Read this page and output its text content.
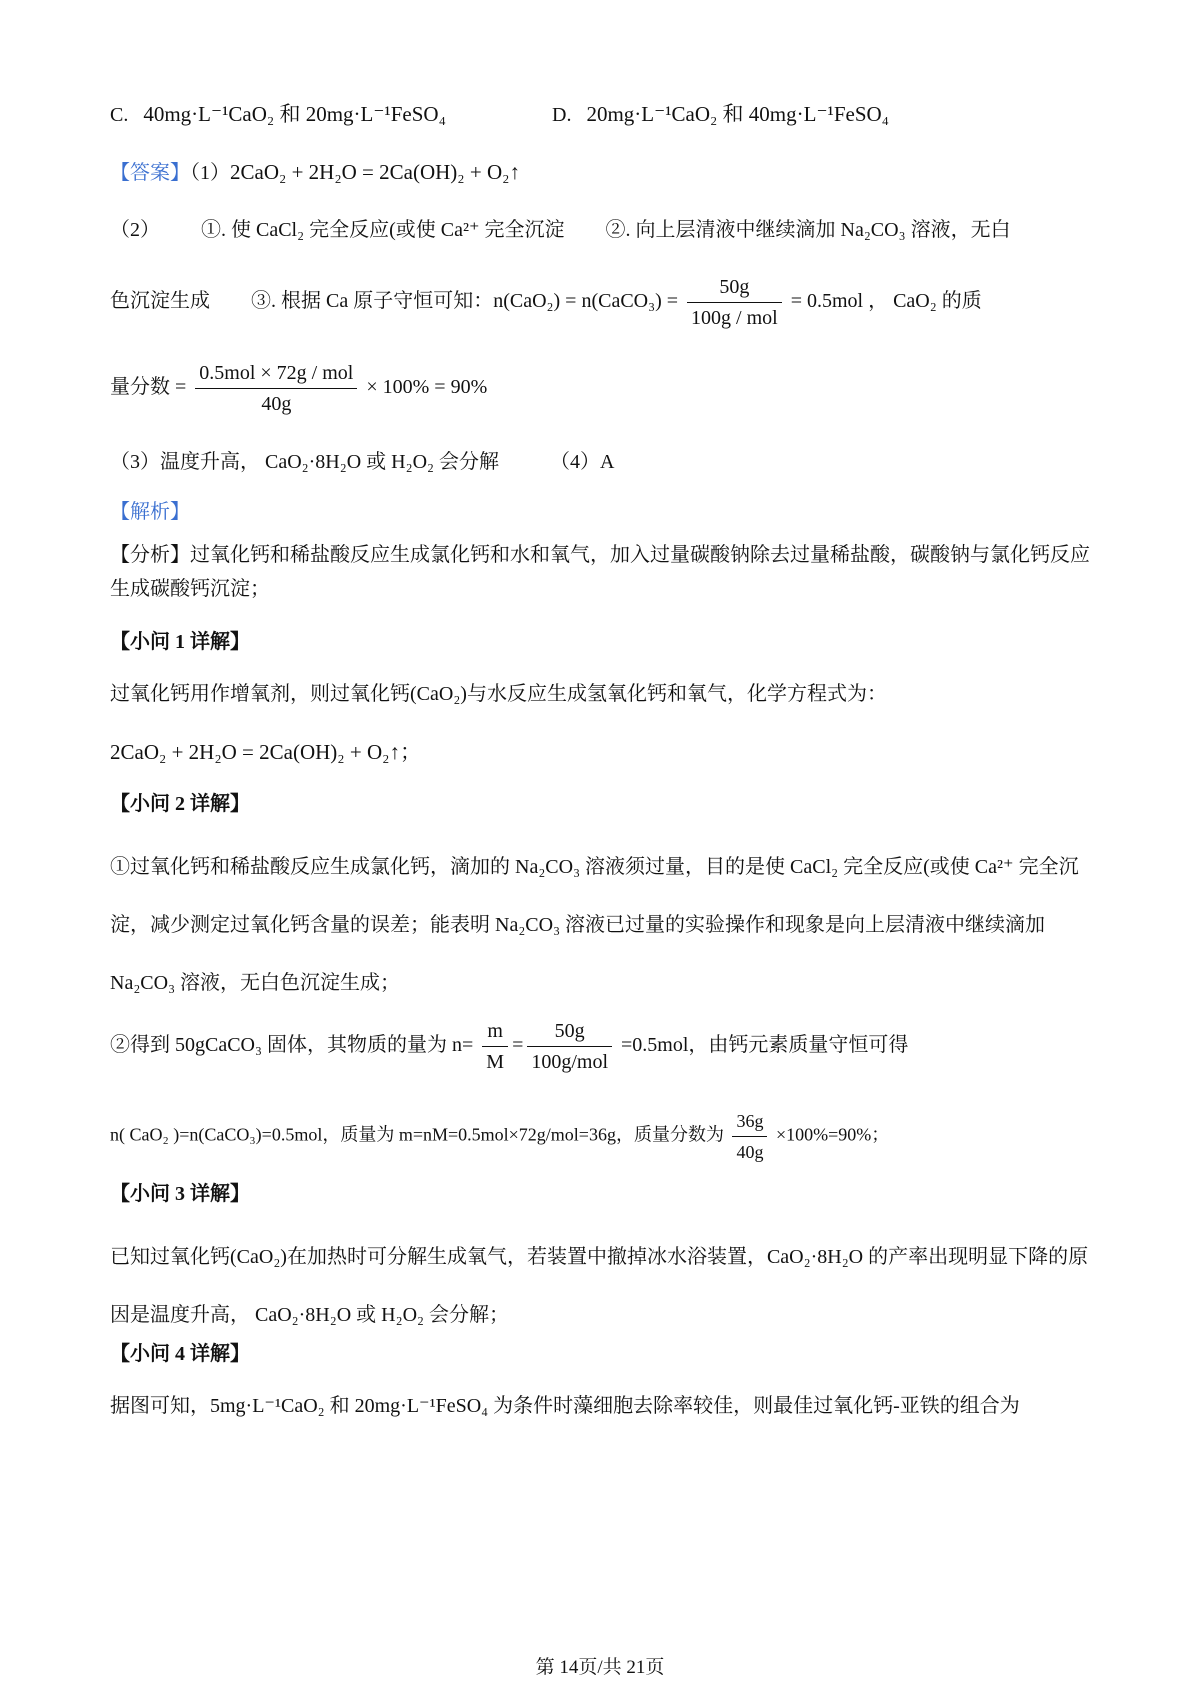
C. 40mg·L⁻¹CaO₂ 和 20mg·L⁻¹FeSO₄	D. 20mg·L⁻¹CaO₂ 和 40mg·L⁻¹FeSO₄
【答案】（1）2CaO₂ + 2H₂O = 2Ca(OH)₂ + O₂↑
（2） ①. 使 CaCl₂ 完全反应(或使 Ca²⁺ 完全沉淀 ②. 向上层清液中继续滴加 Na₂CO₃ 溶液，无白
色沉淀生成 ③. 根据 Ca 原子守恒可知：n(CaO₂) = n(CaCO₃) = $\frac{50g}{\text{100g / mol}} = 0.5mol$ ， CaO₂ 的质
量分数 = $\frac{\text{0.5mol × 72g / mol}}{40g} \times 100\% = 90\%$
（3）温度升高， CaO₂·8H₂O 或 H₂O₂ 会分解	（4）A
【解析】
【分析】过氧化钙和稀盐酸反应生成氯化钙和水和氧气，加入过量碳酸钠除去过量稀盐酸，碳酸钠与氯化钙反应生成碳酸钙沉淀；
【小问 1 详解】
过氧化钙用作增氧剂，则过氧化钙(CaO₂)与水反应生成氢氧化钙和氧气，化学方程式为：
2CaO₂ + 2H₂O = 2Ca(OH)₂ + O₂↑；
【小问 2 详解】
①过氧化钙和稀盐酸反应生成氯化钙，滴加的 Na₂CO₃ 溶液须过量，目的是使 CaCl₂ 完全反应(或使 Ca²⁺ 完全沉淀，减少测定过氧化钙含量的误差；能表明 Na₂CO₃ 溶液已过量的实验操作和现象是向上层清液中继续滴加 Na₂CO₃ 溶液，无白色沉淀生成；
②得到 50gCaCO₃ 固体，其物质的量为 $n= \frac{m}{M} = \frac{50g}{\text{100g/mol}} =0.5mol$，由钙元素质量守恒可得
n( CaO₂ )=n(CaCO₃)=0.5mol，质量为 m=nM=0.5mol×72g/mol=36g，质量分数为 $\frac{36g}{40g} \times 100\%=90\%$；
【小问 3 详解】
已知过氧化钙(CaO₂)在加热时可分解生成氧气，若装置中撤掉冰水浴装置，CaO₂·8H₂O 的产率出现明显下降的原因是温度升高， CaO₂·8H₂O 或 H₂O₂ 会分解；
【小问 4 详解】
据图可知，5mg·L⁻¹CaO₂ 和 20mg·L⁻¹FeSO₄ 为条件时藻细胞去除率较佳，则最佳过氧化钙-亚铁的组合为
第 14页/共 21页
